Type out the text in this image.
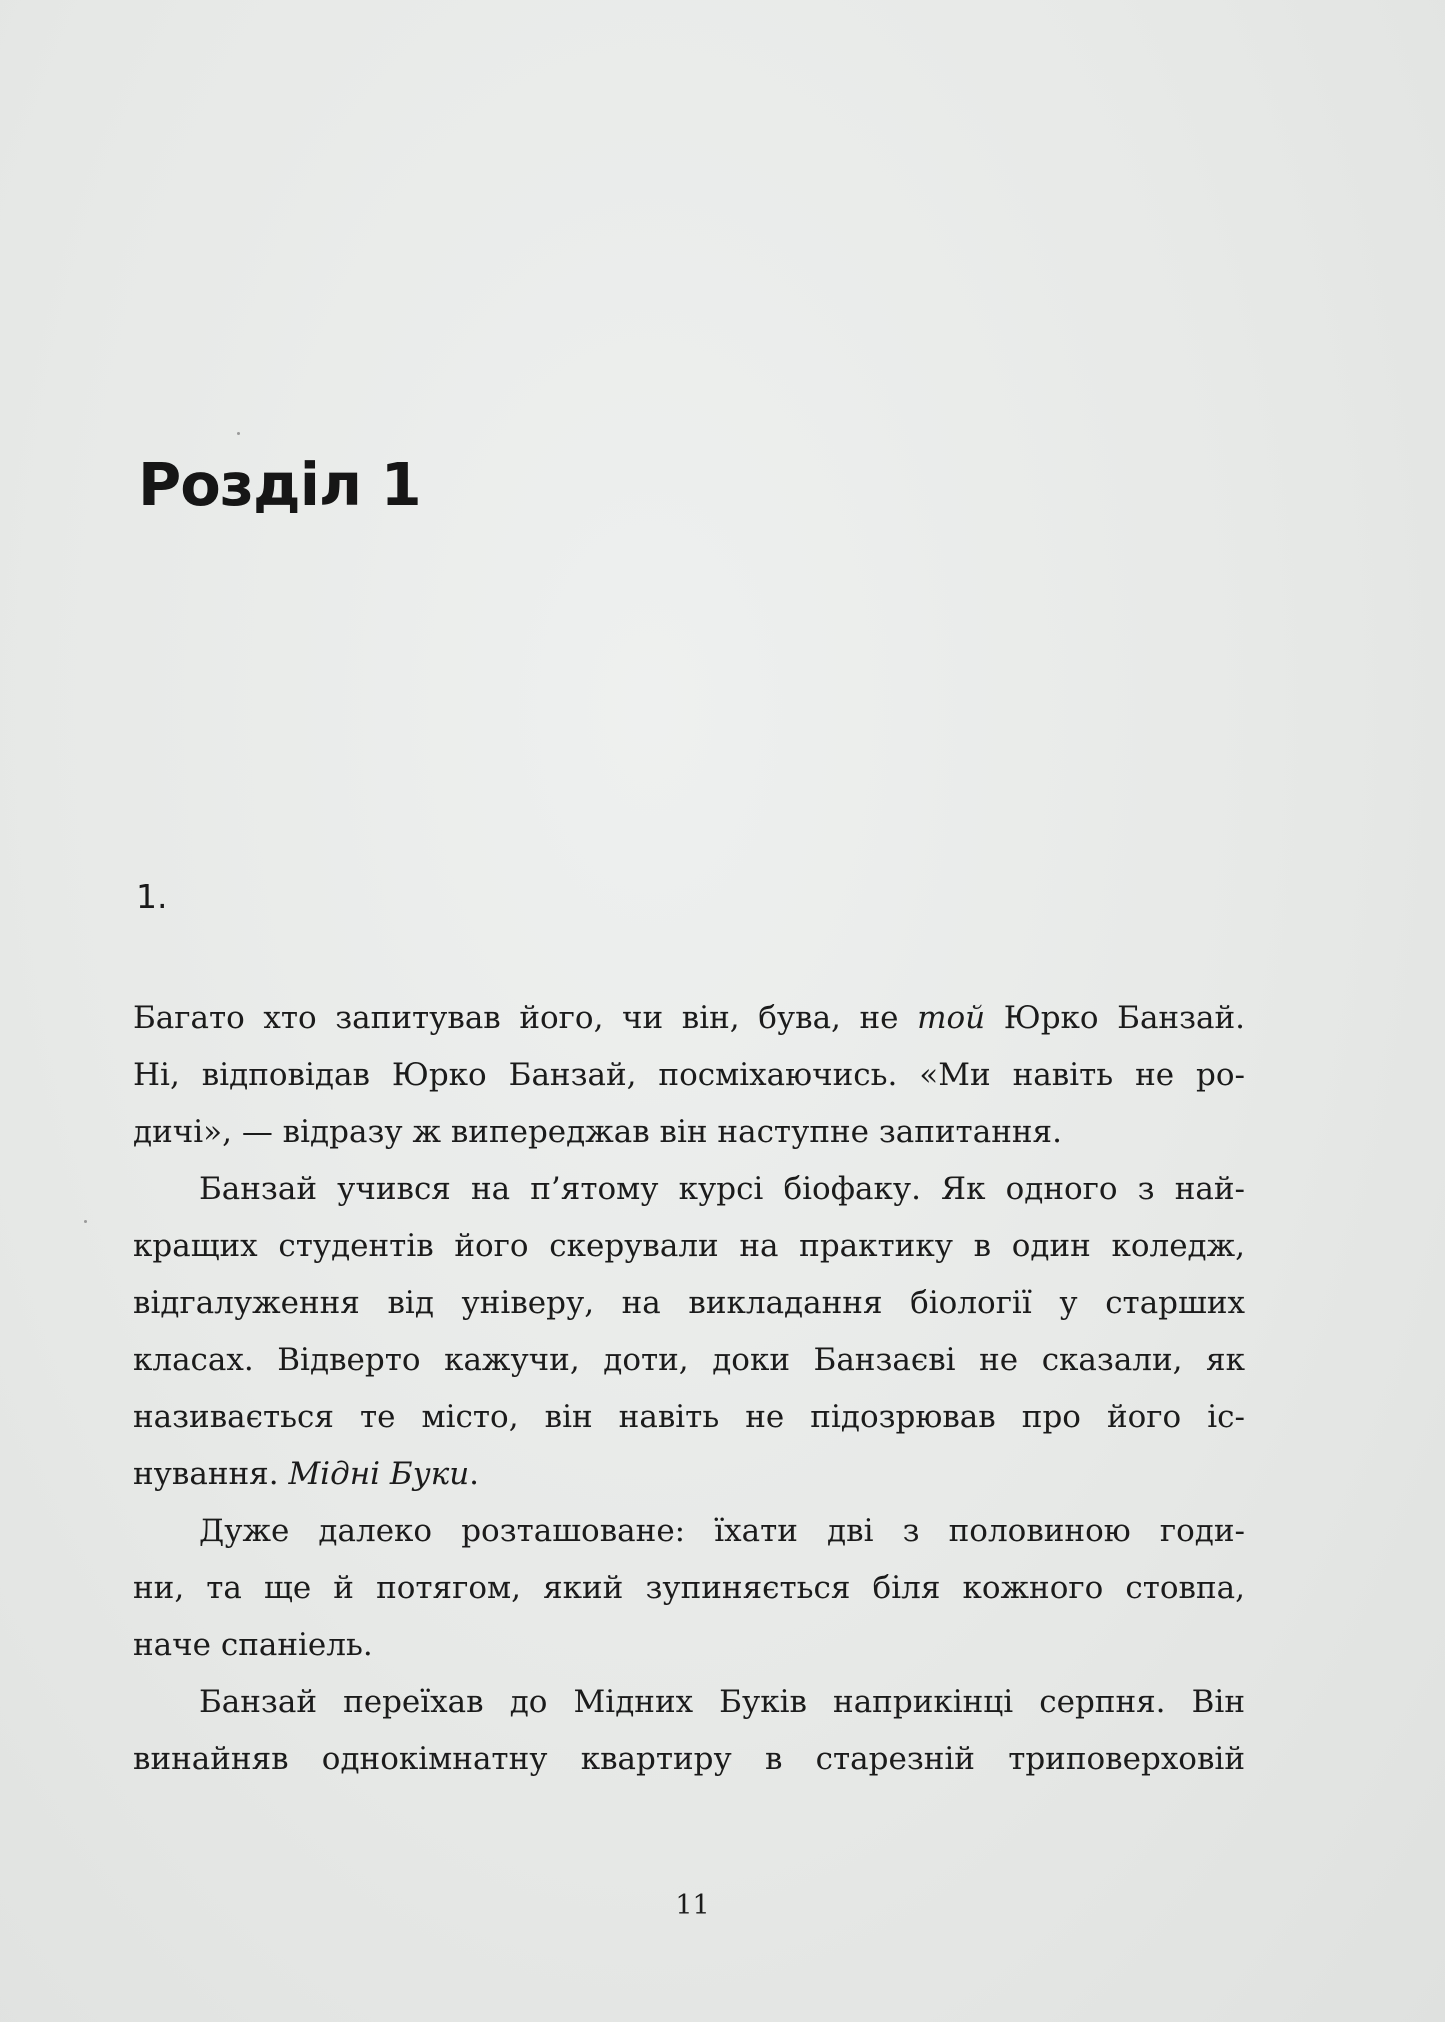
Розділ 1
1.
Багато хто запитував його, чи він, бува, не той Юрко Банзай.
Ні, відповідав Юрко Банзай, посміхаючись. «Ми навіть не ро-
дичі», — відразу ж випереджав він наступне запитання.
Банзай учився на п’ятому курсі біофаку. Як одного з най-
кращих студентів його скерували на практику в один коледж,
відгалуження від універу, на викладання біології у старших
класах. Відверто кажучи, доти, доки Банзаєві не сказали, як
називається те місто, він навіть не підозрював про його іс-
нування. Мідні Буки.
Дуже далеко розташоване: їхати дві з половиною годи-
ни, та ще й потягом, який зупиняється біля кожного стовпа,
наче спаніель.
Банзай переїхав до Мідних Буків наприкінці серпня. Він
винайняв однокімнатну квартиру в старезній триповерховій
11
